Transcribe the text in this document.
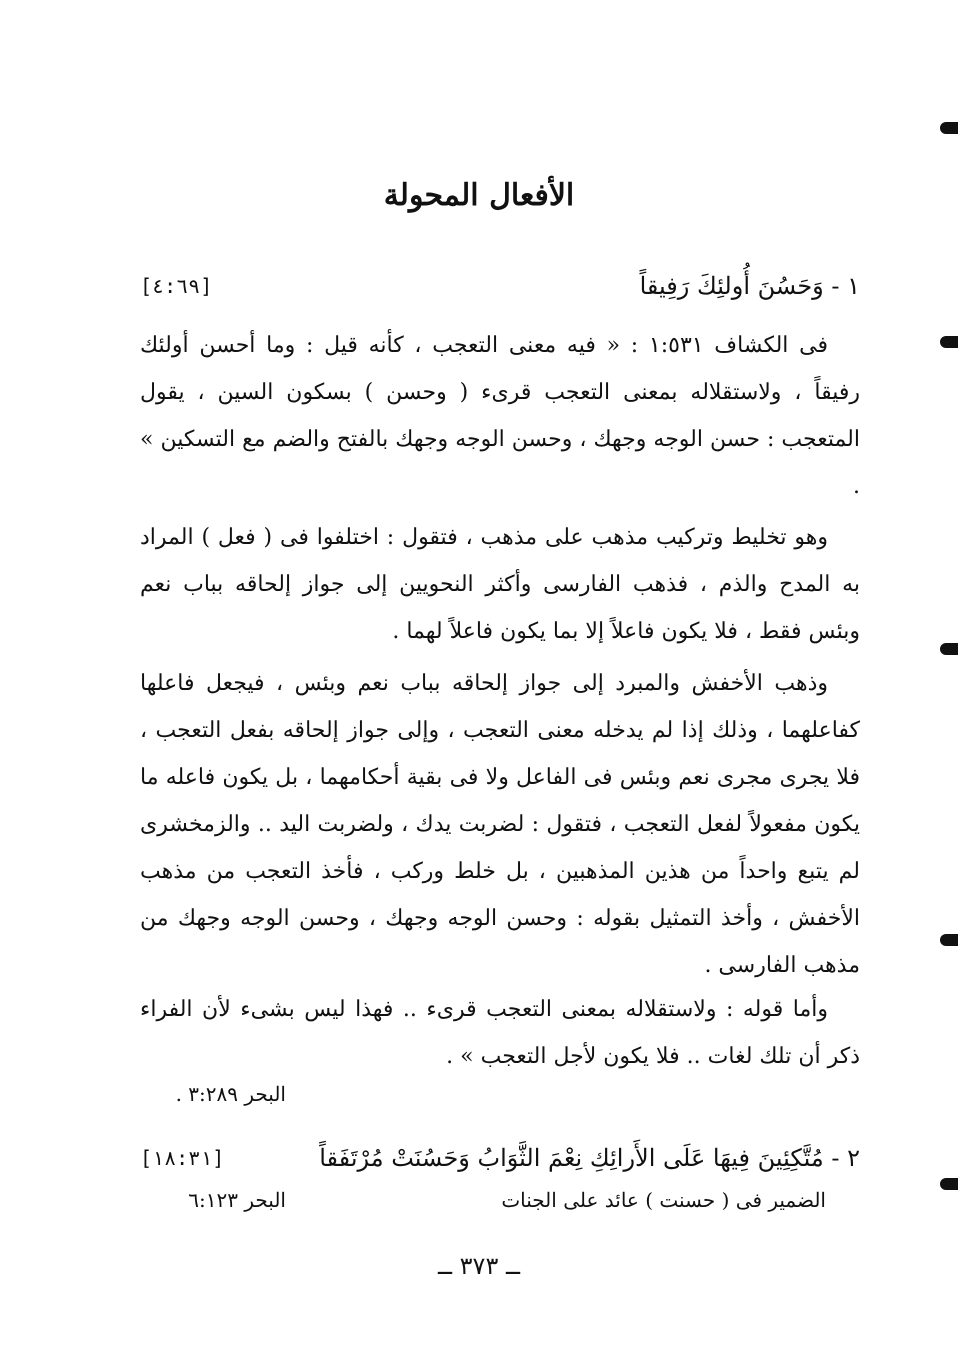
الأفعال المحولة
١ - وَحَسُنَ أُولئِكَ رَفِيقاً
[٤:٦٩]

فى الكشاف ١:٥٣١ : « فيه معنى التعجب ، كأنه قيل : وما أحسن أولئك رفيقاً ، ولاستقلاله بمعنى التعجب قرىء ( وحسن ) بسكون السين ، يقول المتعجب : حسن الوجه وجهك ، وحسن الوجه وجهك بالفتح والضم مع التسكين » .

وهو تخليط وتركيب مذهب على مذهب ، فتقول : اختلفوا فى ( فعل ) المراد به المدح والذم ، فذهب الفارسى وأكثر النحويين إلى جواز إلحاقه بباب نعم وبئس فقط ، فلا يكون فاعلاً إلا بما يكون فاعلاً لهما .

وذهب الأخفش والمبرد إلى جواز إلحاقه بباب نعم وبئس ، فيجعل فاعلها كفاعلهما ، وذلك إذا لم يدخله معنى التعجب ، وإلى جواز إلحاقه بفعل التعجب ، فلا يجرى مجرى نعم وبئس فى الفاعل ولا فى بقية أحكامهما ، بل يكون فاعله ما يكون مفعولاً لفعل التعجب ، فتقول : لضربت يدك ، ولضربت اليد .. والزمخشرى لم يتبع واحداً من هذين المذهبين ، بل خلط وركب ، فأخذ التعجب من مذهب الأخفش ، وأخذ التمثيل بقوله : وحسن الوجه وجهك ، وحسن الوجه وجهك من مذهب الفارسى .

وأما قوله : ولاستقلاله بمعنى التعجب قرىء .. فهذا ليس بشىء لأن الفراء ذكر أن تلك لغات .. فلا يكون لأجل التعجب » .

البحر ٣:٢٨٩ .
٢ - مُتَّكِئِينَ فِيهَا عَلَى الأَرائِكِ نِعْمَ الثَّوَابُ وَحَسُنَتْ مُرْتَفَقاً
[١٨:٣١]
الضمير فى ( حسنت ) عائد على الجنات
البحر ٦:١٢٣
ــ ٣٧٣ ــ
